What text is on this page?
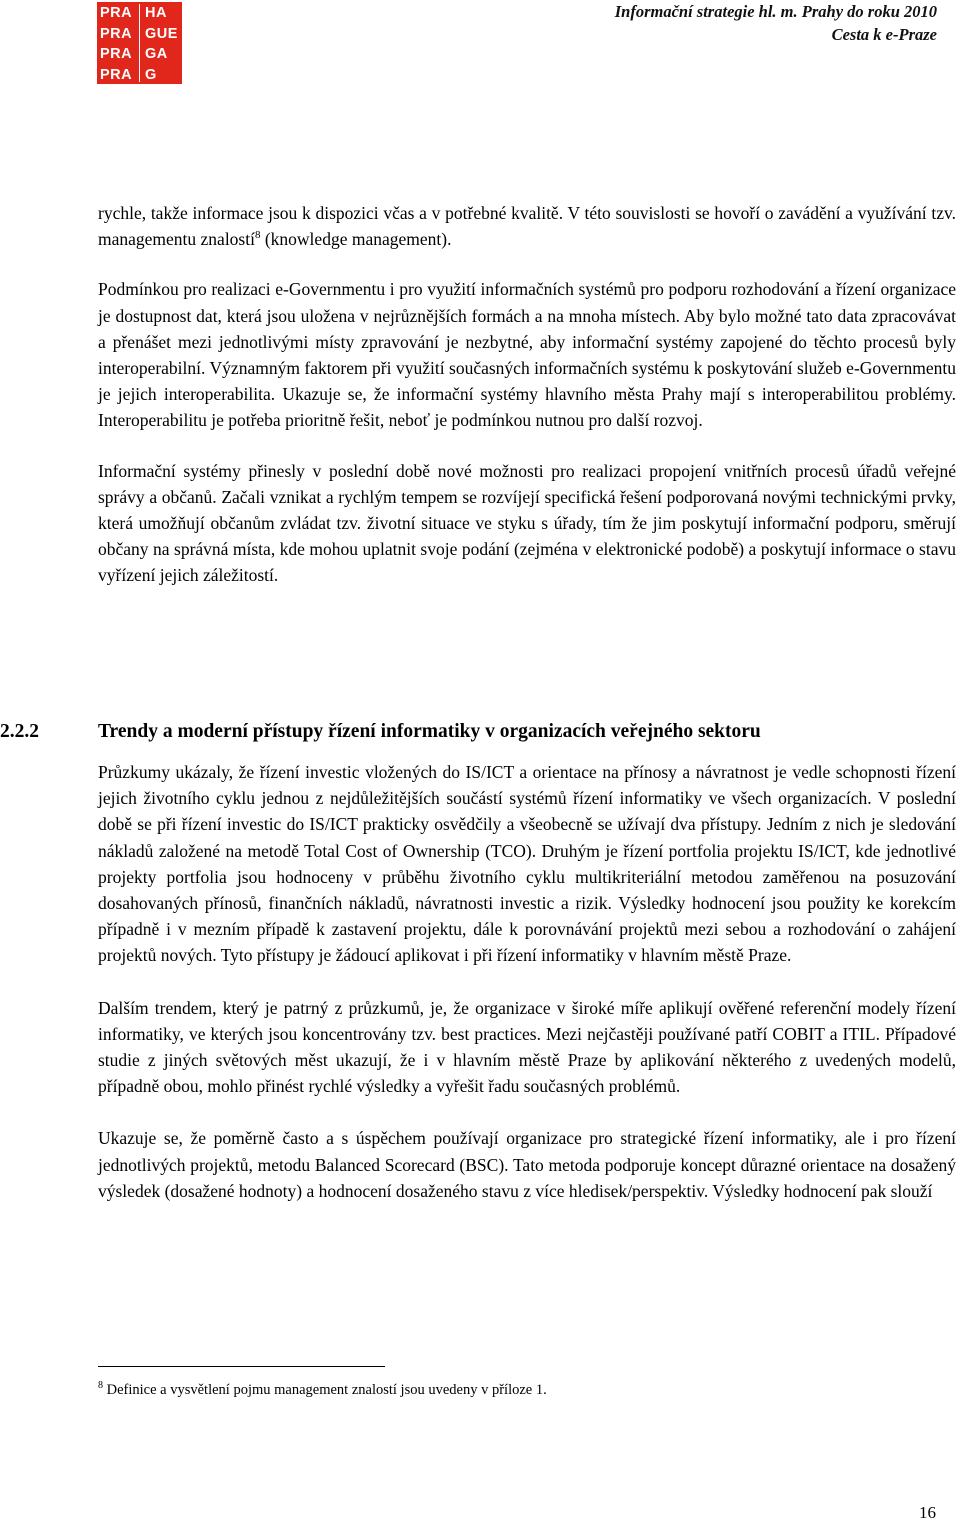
PRA
PRA
PRA
PRA
HA
GUE
GA
G
Informační strategie hl. m. Prahy do roku 2010
Cesta k e-Praze

rychle, takže informace jsou k dispozici včas a v potřebné kvalitě. V této souvislosti se hovoří o zavádění a využívání tzv. managementu znalostí$^8$ (knowledge management).

Podmínkou pro realizaci e-Governmentu i pro využití informačních systémů pro podporu rozhodování a řízení organizace je dostupnost dat, která jsou uložena v nejrůznějších formách a na mnoha místech. Aby bylo možné tato data zpracovávat a přenášet mezi jednotlivými místy zpravování je nezbytné, aby informační systémy zapojené do těchto procesů byly interoperabilní. Významným faktorem při využití současných informačních systému k poskytování služeb e-Governmentu je jejich interoperabilita. Ukazuje se, že informační systémy hlavního města Prahy mají s interoperabilitou problémy. Interoperabilitu je potřeba prioritně řešit, neboť je podmínkou nutnou pro další rozvoj.

Informační systémy přinesly v poslední době nové možnosti pro realizaci propojení vnitřních procesů úřadů veřejné správy a občanů. Začali vznikat a rychlým tempem se rozvíjejí specifická řešení podporovaná novými technickými prvky, která umožňují občanům zvládat tzv. životní situace ve styku s úřady, tím že jim poskytují informační podporu, směrují občany na správná místa, kde mohou uplatnit svoje podání (zejména v elektronické podobě) a poskytují informace o stavu vyřízení jejich záležitostí.

2.2.2	Trendy a moderní přístupy řízení informatiky v organizacích veřejného sektoru

Průzkumy ukázaly, že řízení investic vložených do IS/ICT a orientace na přínosy a návratnost je vedle schopnosti řízení jejich životního cyklu jednou z nejdůležitějších součástí systémů řízení informatiky ve všech organizacích. V poslední době se při řízení investic do IS/ICT prakticky osvědčily a všeobecně se užívají dva přístupy. Jedním z nich je sledování nákladů založené na metodě Total Cost of Ownership (TCO). Druhým je řízení portfolia projektu IS/ICT, kde jednotlivé projekty portfolia jsou hodnoceny v průběhu životního cyklu multikriteriální metodou zaměřenou na posuzování dosahovaných přínosů, finančních nákladů, návratnosti investic a rizik. Výsledky hodnocení jsou použity ke korekcím případně i v mezním případě k zastavení projektu, dále k porovnávání projektů mezi sebou a rozhodování o zahájení projektů nových. Tyto přístupy je žádoucí aplikovat i při řízení informatiky v hlavním městě Praze.

Dalším trendem, který je patrný z průzkumů, je, že organizace v široké míře aplikují ověřené referenční modely řízení informatiky, ve kterých jsou koncentrovány tzv. best practices. Mezi nejčastěji používané patří COBIT a ITIL. Případové studie z jiných světových měst ukazují, že i v hlavním městě Praze by aplikování některého z uvedených modelů, případně obou, mohlo přinést rychlé výsledky a vyřešit řadu současných problémů.

Ukazuje se, že poměrně často a s úspěchem používají organizace pro strategické řízení informatiky, ale i pro řízení jednotlivých projektů, metodu Balanced Scorecard (BSC). Tato metoda podporuje koncept důrazné orientace na dosažený výsledek (dosažené hodnoty) a hodnocení dosaženého stavu z více hledisek/perspektiv. Výsledky hodnocení pak slouží

$^8$ Definice a vysvětlení pojmu management znalostí jsou uvedeny v příloze 1.
16
